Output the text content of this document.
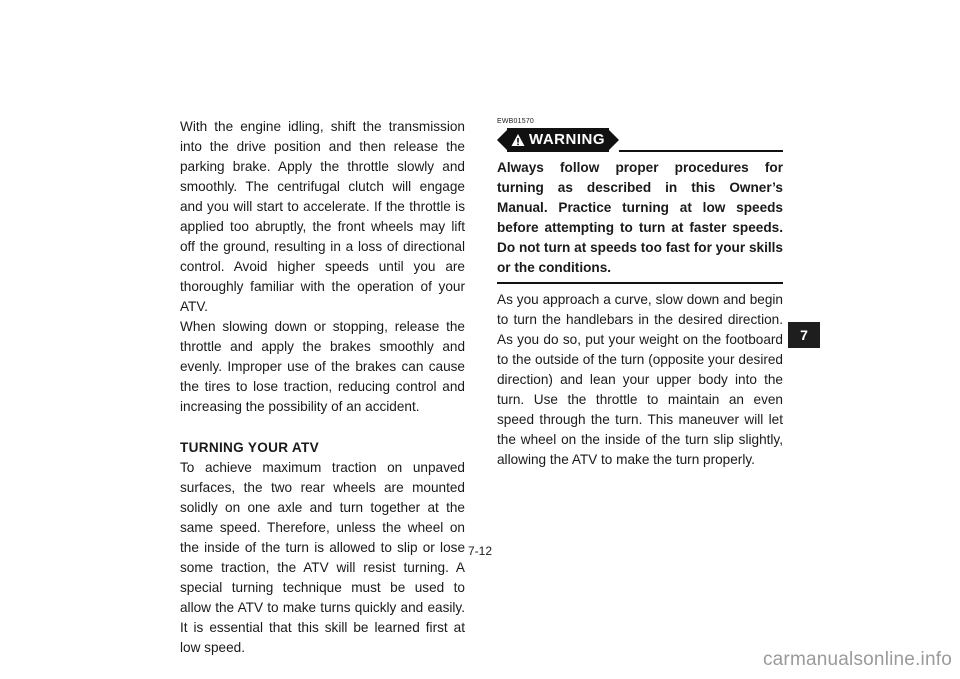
With the engine idling, shift the transmission into the drive position and then release the parking brake. Apply the throttle slowly and smoothly. The centrifugal clutch will engage and you will start to accelerate. If the throttle is applied too abruptly, the front wheels may lift off the ground, resulting in a loss of directional control. Avoid higher speeds until you are thoroughly familiar with the operation of your ATV.

When slowing down or stopping, release the throttle and apply the brakes smoothly and evenly. Improper use of the brakes can cause the tires to lose traction, reducing control and increasing the possibility of an accident.

TURNING YOUR ATV

To achieve maximum traction on unpaved surfaces, the two rear wheels are mounted solidly on one axle and turn together at the same speed. Therefore, unless the wheel on the inside of the turn is allowed to slip or lose some traction, the ATV will resist turning. A special turning technique must be used to allow the ATV to make turns quickly and easily. It is essential that this skill be learned first at low speed.

EWB01570
WARNING
Always follow proper procedures for turning as described in this Owner’s Manual. Practice turning at low speeds before attempting to turn at faster speeds. Do not turn at speeds too fast for your skills or the conditions.

As you approach a curve, slow down and begin to turn the handlebars in the desired direction. As you do so, put your weight on the footboard to the outside of the turn (opposite your desired direction) and lean your upper body into the turn. Use the throttle to maintain an even speed through the turn. This maneuver will let the wheel on the inside of the turn slip slightly, allowing the ATV to make the turn properly.

7-12
7
carmanualsonline.info
